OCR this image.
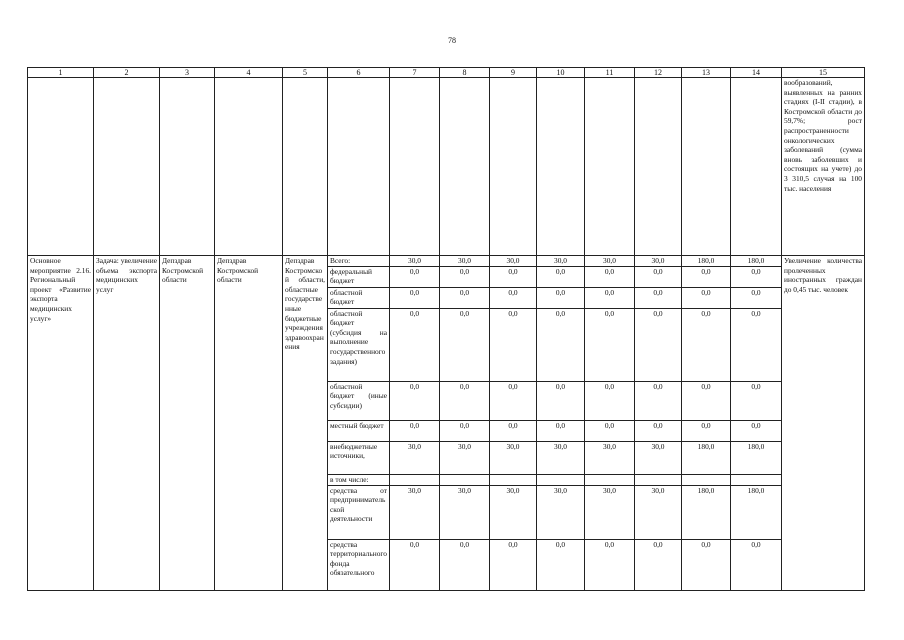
78
1	2	3	4	5	6	7	8	9	10	11	12	13	14	15
														вообразований, выявленных на ранних стадиях (I-II стадии), в Костромской области до 59,7%; рост распространенности онкологических заболеваний (сумма вновь заболевших и состоящих на учете) до 3 310,5 случая на 100 тыс. населения
Основное мероприятие 2.16. Региональный проект «Развитие экспорта медицинских услуг»	Задача: увеличение объема экспорта медицинских услуг	Депздрав Костромской области	Депздрав Костромской области	Депздрав Костромской области, областные государственные бюджетные учреждения здравоохранения	Всего:	30,0	30,0	30,0	30,0	30,0	30,0	180,0	180,0	Увеличение количества пролеченных иностранных граждан до 0,45 тыс. человек
					федеральный бюджет	0,0	0,0	0,0	0,0	0,0	0,0	0,0	0,0	
					областной бюджет	0,0	0,0	0,0	0,0	0,0	0,0	0,0	0,0	
					областной бюджет (субсидия на выполнение государственного задания)	0,0	0,0	0,0	0,0	0,0	0,0	0,0	0,0	
					областной бюджет (иные субсидии)	0,0	0,0	0,0	0,0	0,0	0,0	0,0	0,0	
					местный бюджет	0,0	0,0	0,0	0,0	0,0	0,0	0,0	0,0	
					внебюджетные источники,	30,0	30,0	30,0	30,0	30,0	30,0	180,0	180,0	
					в том числе:									
					средства от предпринимательской деятельности	30,0	30,0	30,0	30,0	30,0	30,0	180,0	180,0	
					средства территориального фонда обязательного	0,0	0,0	0,0	0,0	0,0	0,0	0,0	0,0	
